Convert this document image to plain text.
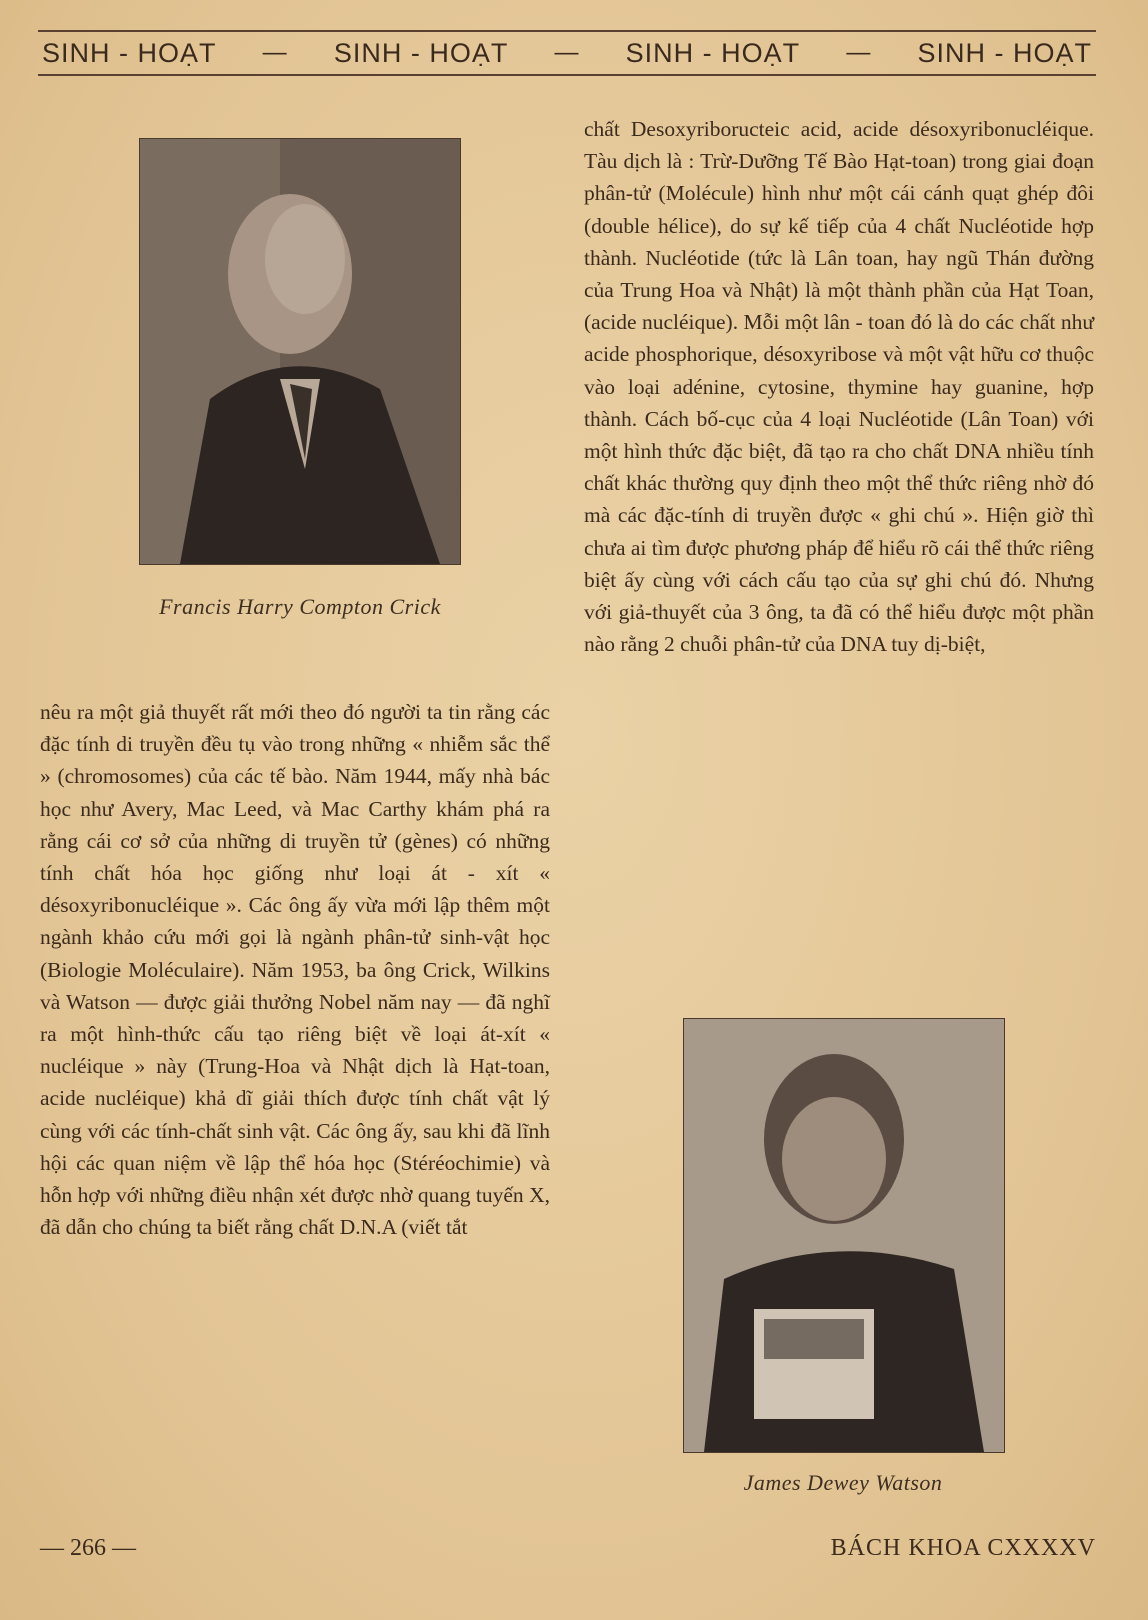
SINH - HOẠT — SINH - HOẠT — SINH - HOẠT — SINH - HOẠT
Francis Harry Compton Crick

nêu ra một giả thuyết rất mới theo đó người ta tin rằng các đặc tính di truyền đều tụ vào trong những « nhiễm sắc thể » (chromosomes) của các tế bào. Năm 1944, mấy nhà bác học như Avery, Mac Leed, và Mac Carthy khám phá ra rằng cái cơ sở của những di truyền tử (gènes) có những tính chất hóa học giống như loại át - xít « désoxyribonucléique ». Các ông ấy vừa mới lập thêm một ngành khảo cứu mới gọi là ngành phân-tử sinh-vật học (Biologie Moléculaire). Năm 1953, ba ông Crick, Wilkins và Watson — được giải thưởng Nobel năm nay — đã nghĩ ra một hình-thức cấu tạo riêng biệt về loại át-xít « nucléique » này (Trung-Hoa và Nhật dịch là Hạt-toan, acide nucléique) khả dĩ giải thích được tính chất vật lý cùng với các tính-chất sinh vật. Các ông ấy, sau khi đã lĩnh hội các quan niệm về lập thể hóa học (Stéréochimie) và hỗn hợp với những điều nhận xét được nhờ quang tuyến X, đã dẫn cho chúng ta biết rằng chất D.N.A (viết tắt

chất Desoxyriboructeic acid, acide désoxyribonucléique. Tàu dịch là : Trừ-Dưỡng Tế Bào Hạt-toan) trong giai đoạn phân-tử (Molécule) hình như một cái cánh quạt ghép đôi (double hélice), do sự kế tiếp của 4 chất Nucléotide hợp thành. Nucléotide (tức là Lân toan, hay ngũ Thán đường của Trung Hoa và Nhật) là một thành phần của Hạt Toan, (acide nucléique). Mỗi một lân - toan đó là do các chất như acide phosphorique, désoxyribose và một vật hữu cơ thuộc vào loại adénine, cytosine, thymine hay guanine, hợp thành. Cách bố-cục của 4 loại Nucléotide (Lân Toan) với một hình thức đặc biệt, đã tạo ra cho chất DNA nhiều tính chất khác thường quy định theo một thể thức riêng nhờ đó mà các đặc-tính di truyền được « ghi chú ». Hiện giờ thì chưa ai tìm được phương pháp để hiểu rõ cái thể thức riêng biệt ấy cùng với cách cấu tạo của sự ghi chú đó. Nhưng với giả-thuyết của 3 ông, ta đã có thể hiểu được một phần nào rằng 2 chuỗi phân-tử của DNA tuy dị-biệt,

James Dewey Watson
— 266 —	BÁCH KHOA CXXXXV
